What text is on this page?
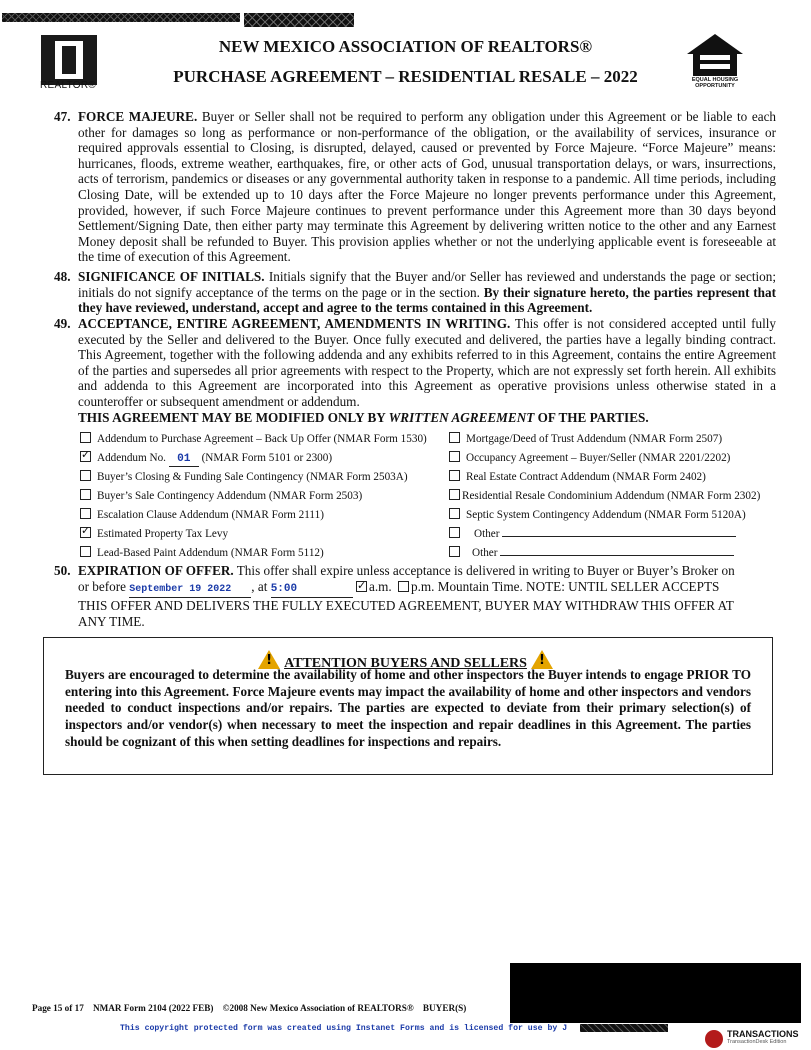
REALTOR®
NEW MEXICO ASSOCIATION OF REALTORS®
PURCHASE AGREEMENT – RESIDENTIAL RESALE – 2022	EQUAL HOUSING OPPORTUNITY
47. FORCE MAJEURE. Buyer or Seller shall not be required to perform any obligation under this Agreement or be liable to each other for damages so long as performance or non-performance of the obligation, or the availability of services, insurance or required approvals essential to Closing, is disrupted, delayed, caused or prevented by Force Majeure. “Force Majeure” means: hurricanes, floods, extreme weather, earthquakes, fire, or other acts of God, unusual transportation delays, or wars, insurrections, acts of terrorism, pandemics or diseases or any governmental authority taken in response to a pandemic. All time periods, including Closing Date, will be extended up to 10 days after the Force Majeure no longer prevents performance under this Agreement, provided, however, if such Force Majeure continues to prevent performance under this Agreement more than 30 days beyond Settlement/Signing Date, then either party may terminate this Agreement by delivering written notice to the other and any Earnest Money deposit shall be refunded to Buyer. This provision applies whether or not the underlying applicable event is foreseeable at the time of execution of this Agreement.
48. SIGNIFICANCE OF INITIALS. Initials signify that the Buyer and/or Seller has reviewed and understands the page or section; initials do not signify acceptance of the terms on the page or in the section. By their signature hereto, the parties represent that they have reviewed, understand, accept and agree to the terms contained in this Agreement.
49. ACCEPTANCE, ENTIRE AGREEMENT, AMENDMENTS IN WRITING. This offer is not considered accepted until fully executed by the Seller and delivered to the Buyer. Once fully executed and delivered, the parties have a legally binding contract. This Agreement, together with the following addenda and any exhibits referred to in this Agreement, contains the entire Agreement of the parties and supersedes all prior agreements with respect to the Property, which are not expressly set forth herein. All exhibits and addenda to this Agreement are incorporated into this Agreement as operative provisions unless otherwise stated in a counteroffer or subsequent amendment or addendum.
THIS AGREEMENT MAY BE MODIFIED ONLY BY WRITTEN AGREEMENT OF THE PARTIES.
Addendum to Purchase Agreement – Back Up Offer (NMAR Form 1530)
✓Addendum No. 01 (NMAR Form 5101 or 2300)
Buyer’s Closing & Funding Sale Contingency (NMAR Form 2503A)
Buyer’s Sale Contingency Addendum (NMAR Form 2503)
Escalation Clause Addendum (NMAR Form 2111)
✓Estimated Property Tax Levy
Lead-Based Paint Addendum (NMAR Form 5112)
Mortgage/Deed of Trust Addendum (NMAR Form 2507)
Occupancy Agreement – Buyer/Seller (NMAR 2201/2202)
Real Estate Contract Addendum (NMAR Form 2402)
Residential Resale Condominium Addendum (NMAR Form 2302)
Septic System Contingency Addendum (NMAR Form 5120A)
Other
Other
50. EXPIRATION OF OFFER. This offer shall expire unless acceptance is delivered in writing to Buyer or Buyer’s Broker on
or before September 19 2022 , at 5:00 ✓	a.m. p.m. Mountain Time. NOTE: UNTIL SELLER ACCEPTS
THIS OFFER AND DELIVERS THE FULLY EXECUTED AGREEMENT, BUYER MAY WITHDRAW THIS OFFER AT
ANY TIME.
!ATTENTION BUYERS AND SELLERS!
Buyers are encouraged to determine the availability of home and other inspectors the Buyer intends to engage PRIOR TO entering into this Agreement. Force Majeure events may impact the availability of home and other inspectors and vendors needed to conduct inspections and/or repairs. The parties are expected to deviate from their primary selection(s) of inspectors and/or vendor(s) when necessary to meet the inspection and repair deadlines in this Agreement. The parties should be cognizant of this when setting deadlines for inspections and repairs.
Page 15 of 17 NMAR Form 2104 (2022 FEB) ©2008 New Mexico Association of REALTORS® BUYER(S)
This copyright protected form was created using Instanet Forms and is licensed for use by J
TRANSACTIONS
TransactionDesk Edition
